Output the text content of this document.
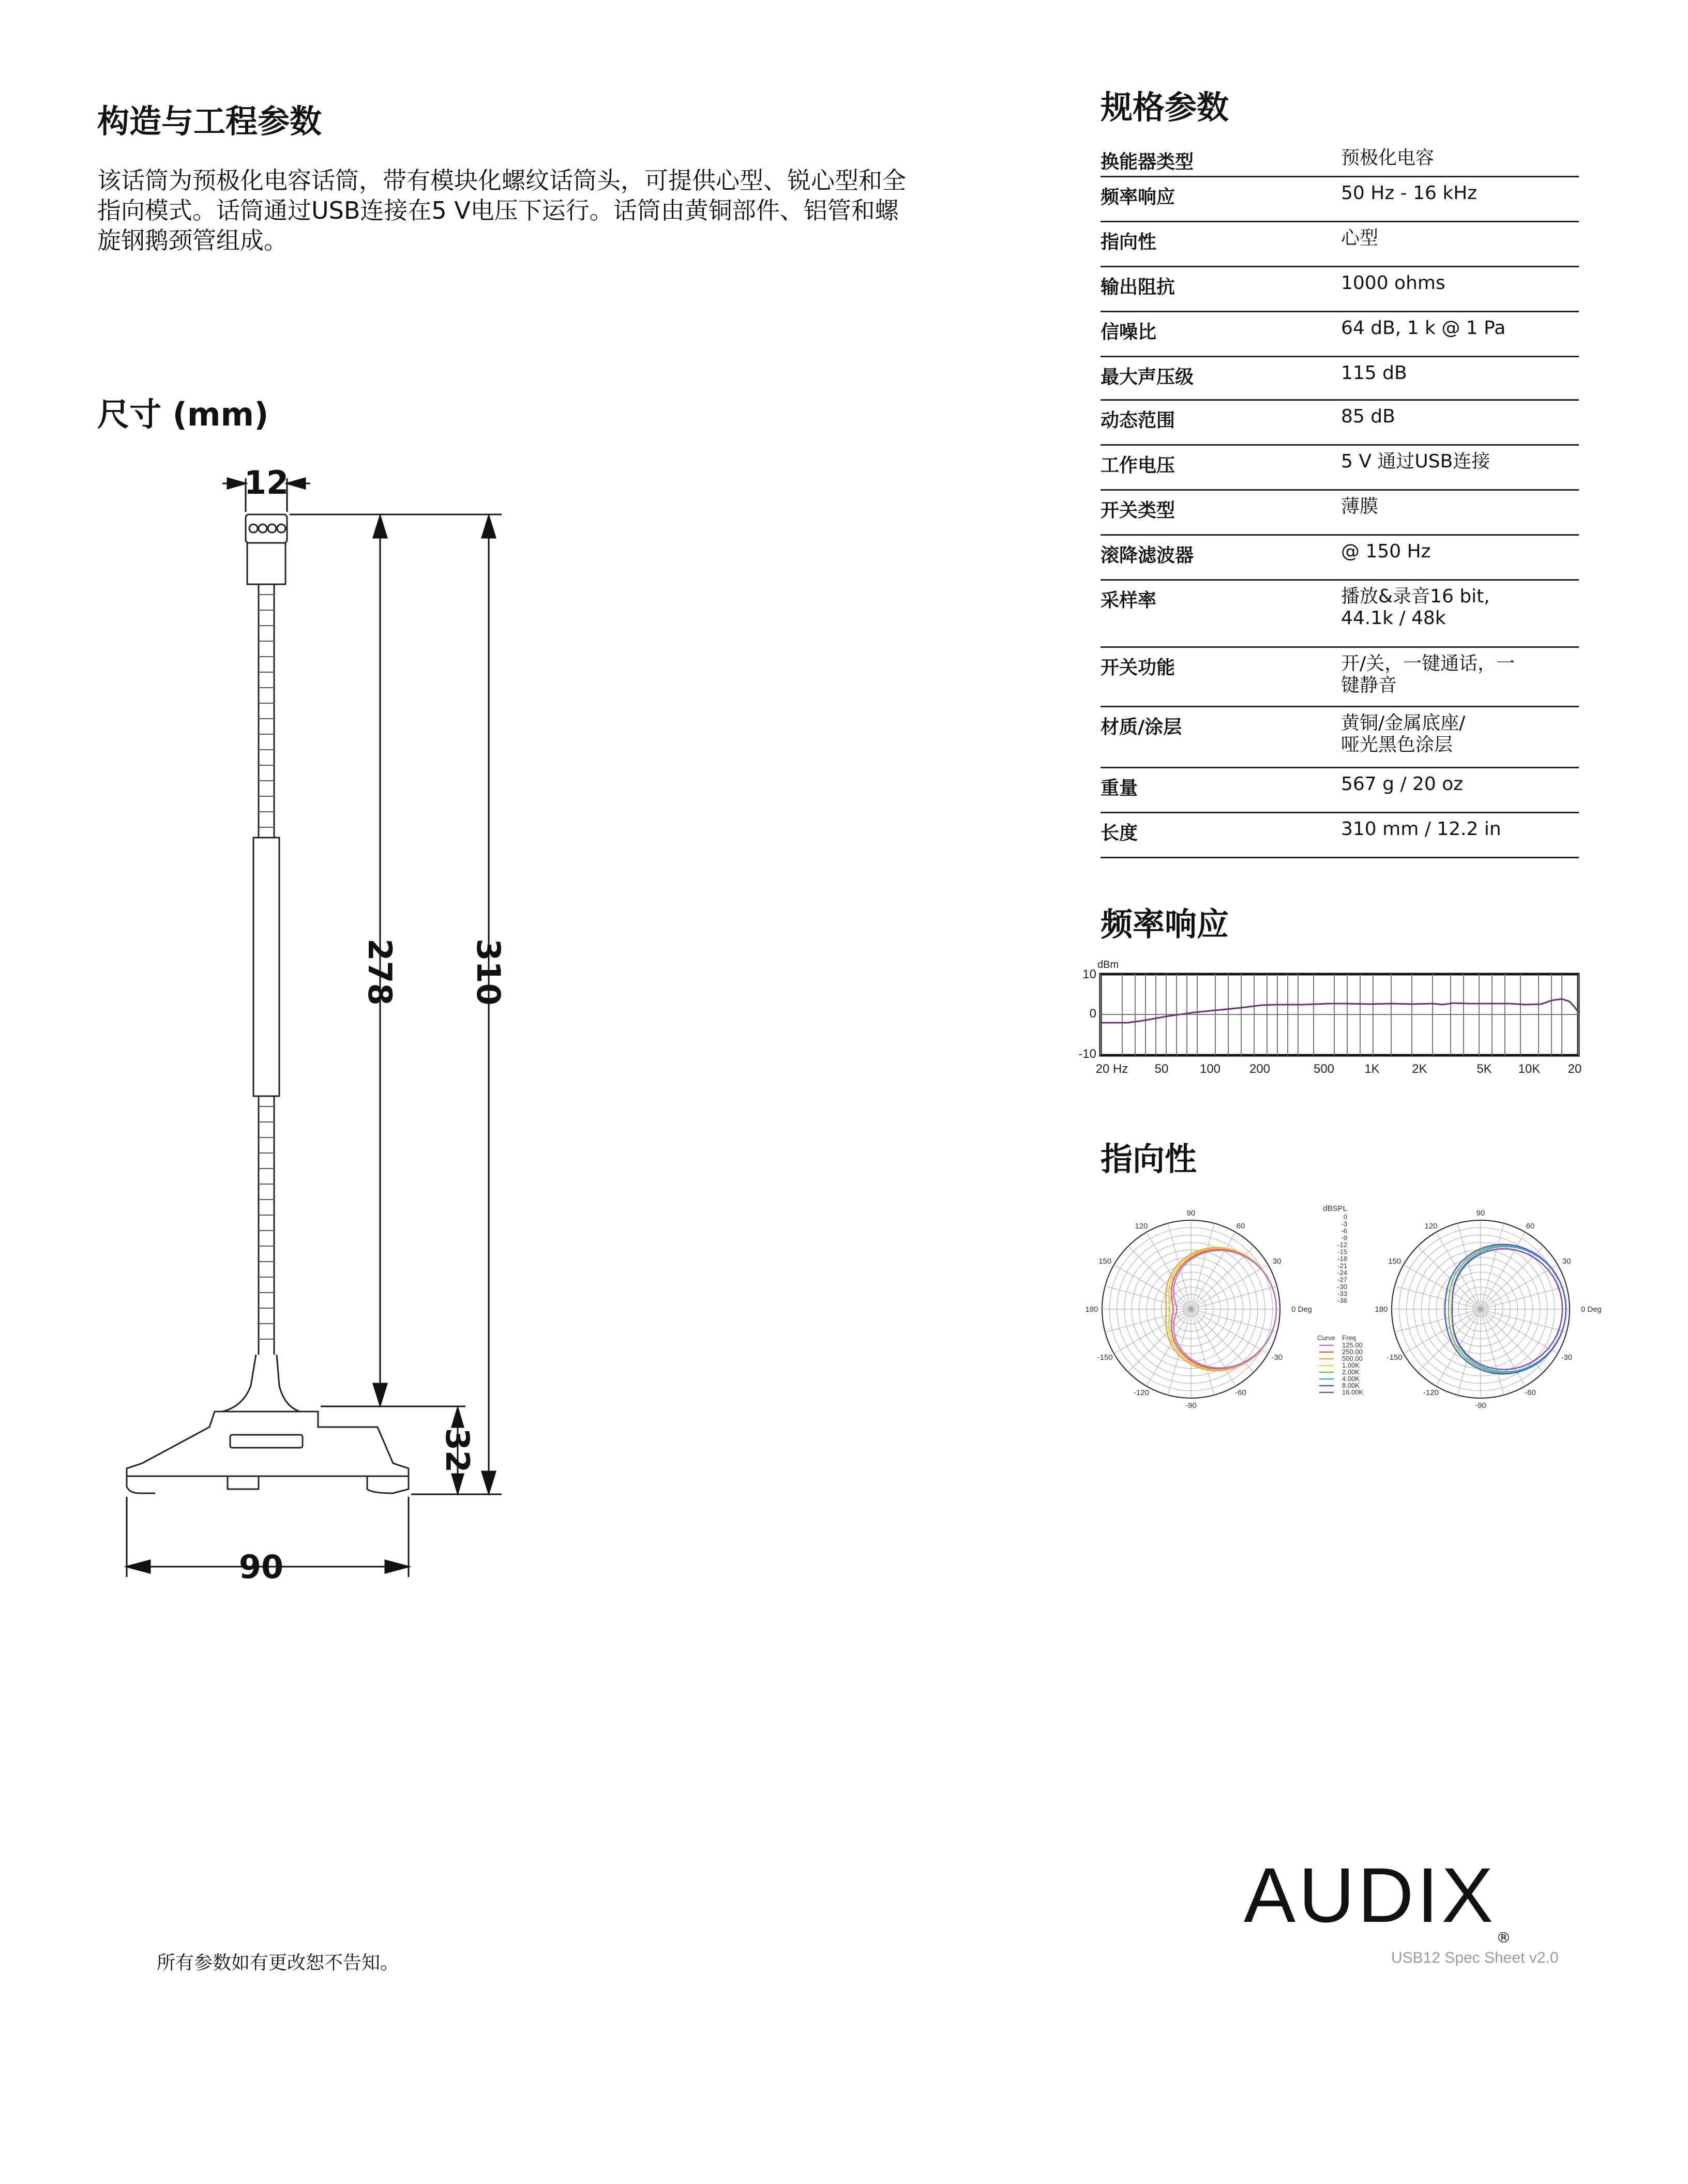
构造与工程参数
该话筒为预极化电容话筒，带有模块化螺纹话筒头，可提供心型、锐心型和全
指向模式。话筒通过USB连接在5 V电压下运行。话筒由黄铜部件、铝管和螺
旋钢鹅颈管组成。
尺寸 (mm)
12
278 310
32
90
规格参数
换能器类型	预极化电容
频率响应	50 Hz - 16 kHz
指向性	心型
输出阻抗	1000 ohms
信噪比	64 dB, 1 k @ 1 Pa
最大声压级	115 dB
动态范围	85 dB
工作电压	5 V 通过USB连接
开关类型	薄膜
滚降滤波器	@ 150 Hz
采样率	播放&录音16 bit,
44.1k / 48k
开关功能	开/关，一键通话，一
键静音
材质/涂层	黄铜/金属底座/
哑光黑色涂层
重量	567 g / 20 oz
长度	310 mm / 12.2 in
频率响应
dBm
10
0
-10
20 Hz 50	100 200	500 1K	2K	5K 10K 20
指向性
90
60
30
0 Deg
-30
-60
-90
-120
-150
180
150
120
90
60
30
0 Deg
-30
-60
-90
-120
-150
180
150
120
dBSPL
0
-3
-6
-9
-12
-15
-18
-21
-24
-27
-30
-33
-36
Curve Freq
125.00
250.00
500.00
1.00K
2.00K
4.00K
8.00K
16.00K
所有参数如有更改恕不告知。
AUDIX®
USB12 Spec Sheet v2.0
